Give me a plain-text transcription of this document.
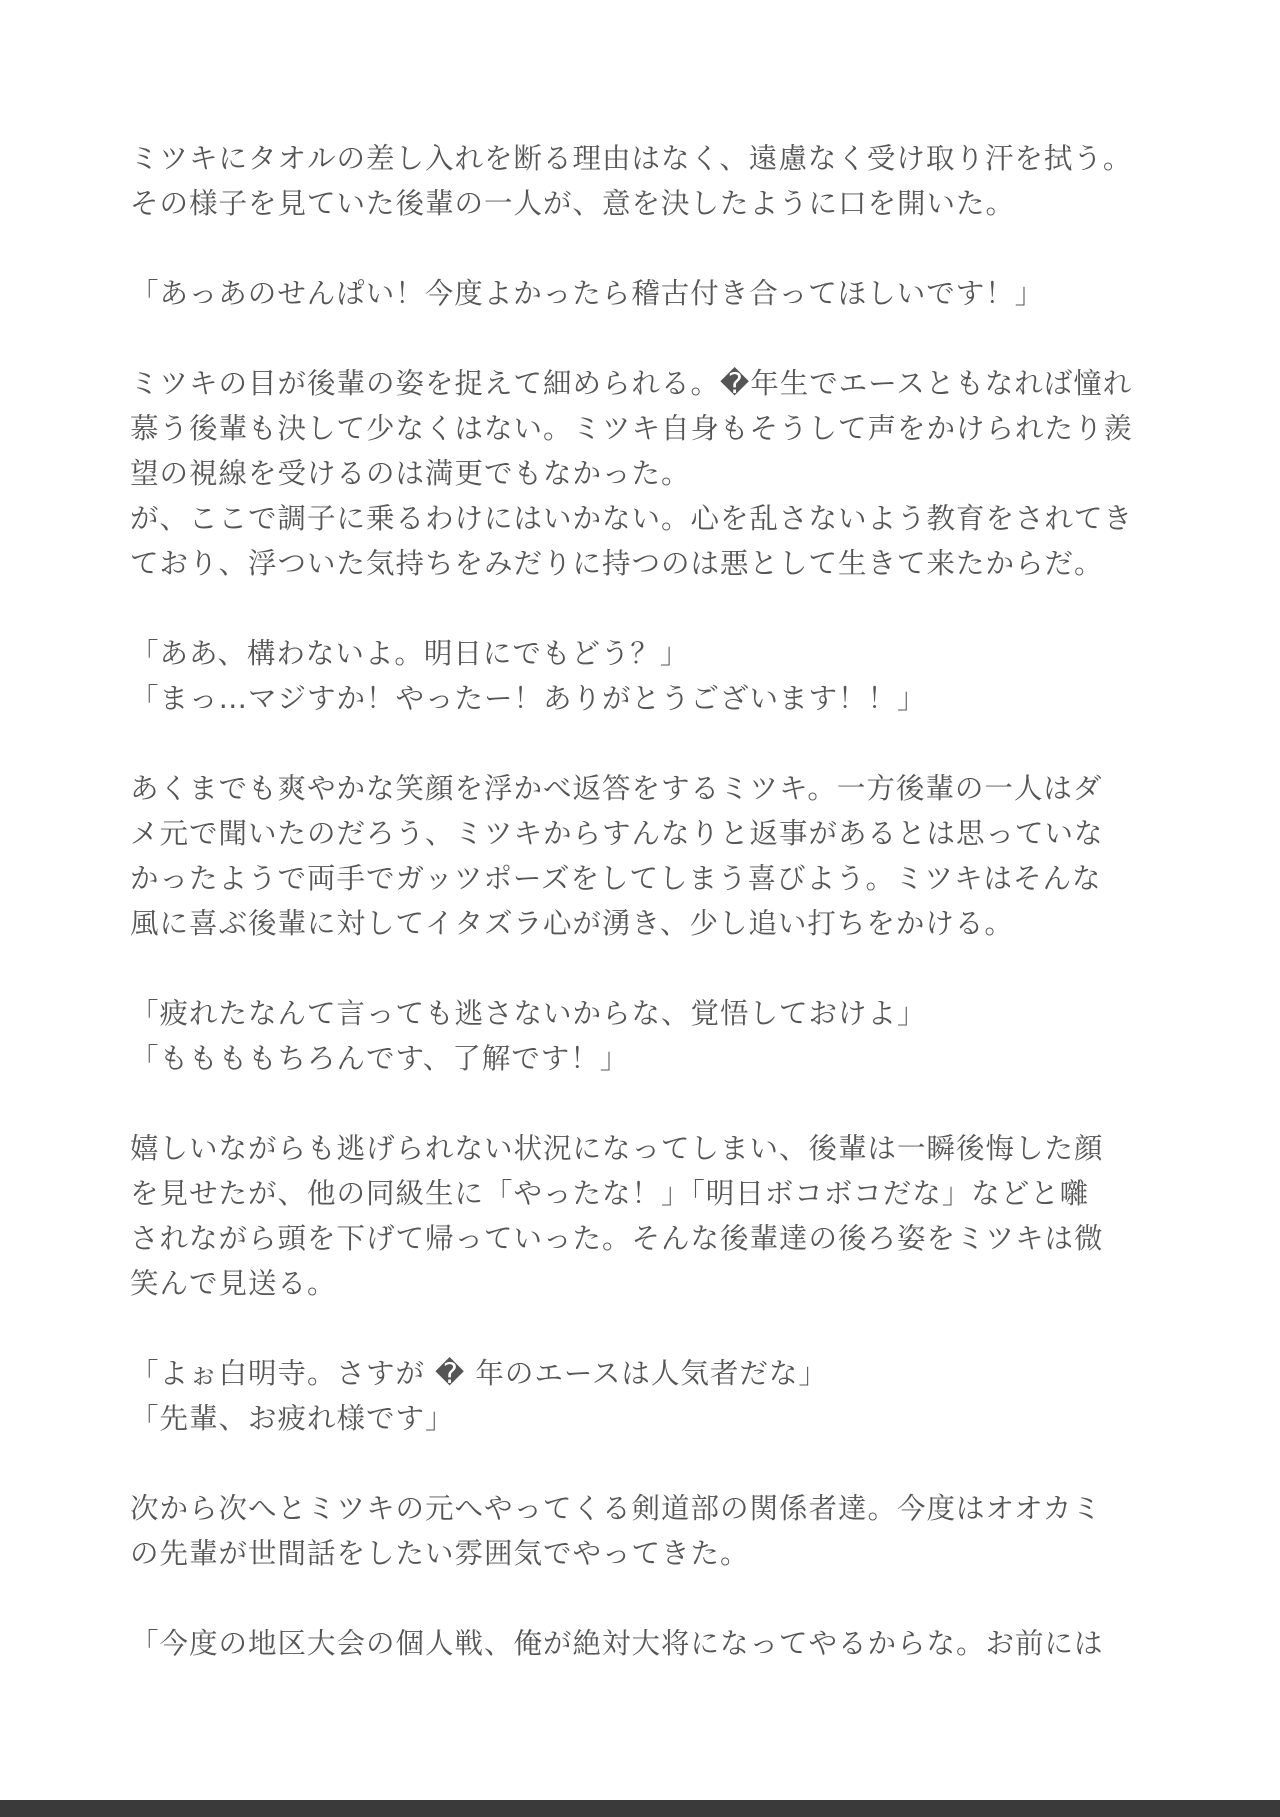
ミツキにタオルの差し入れを断る理由はなく、遠慮なく受け取り汗を拭う。
その様子を見ていた後輩の一人が、意を決したように口を開いた。
「あっあのせんぱい！今度よかったら稽古付き合ってほしいです！」
ミツキの目が後輩の姿を捉えて細められる。�年生でエースともなれば憧れ
慕う後輩も決して少なくはない。ミツキ自身もそうして声をかけられたり羨
望の視線を受けるのは満更でもなかった。
が、ここで調子に乗るわけにはいかない。心を乱さないよう教育をされてき
ており、浮ついた気持ちをみだりに持つのは悪として生きて来たからだ。
「ああ、構わないよ。明日にでもどう？」
「まっ…マジすか！やったー！ありがとうございます！！」
あくまでも爽やかな笑顔を浮かべ返答をするミツキ。一方後輩の一人はダ
メ元で聞いたのだろう、ミツキからすんなりと返事があるとは思っていな
かったようで両手でガッツポーズをしてしまう喜びよう。ミツキはそんな
風に喜ぶ後輩に対してイタズラ心が湧き、少し追い打ちをかける。
「疲れたなんて言っても逃さないからな、覚悟しておけよ」
「ももももちろんです、了解です！」
嬉しいながらも逃げられない状況になってしまい、後輩は一瞬後悔した顔
を見せたが、他の同級生に「やったな！」「明日ボコボコだな」などと囃
されながら頭を下げて帰っていった。そんな後輩達の後ろ姿をミツキは微
笑んで見送る。
「よぉ白明寺。さすが � 年のエースは人気者だな」
「先輩、お疲れ様です」
次から次へとミツキの元へやってくる剣道部の関係者達。今度はオオカミ
の先輩が世間話をしたい雰囲気でやってきた。
「今度の地区大会の個人戦、俺が絶対大将になってやるからな。お前には
